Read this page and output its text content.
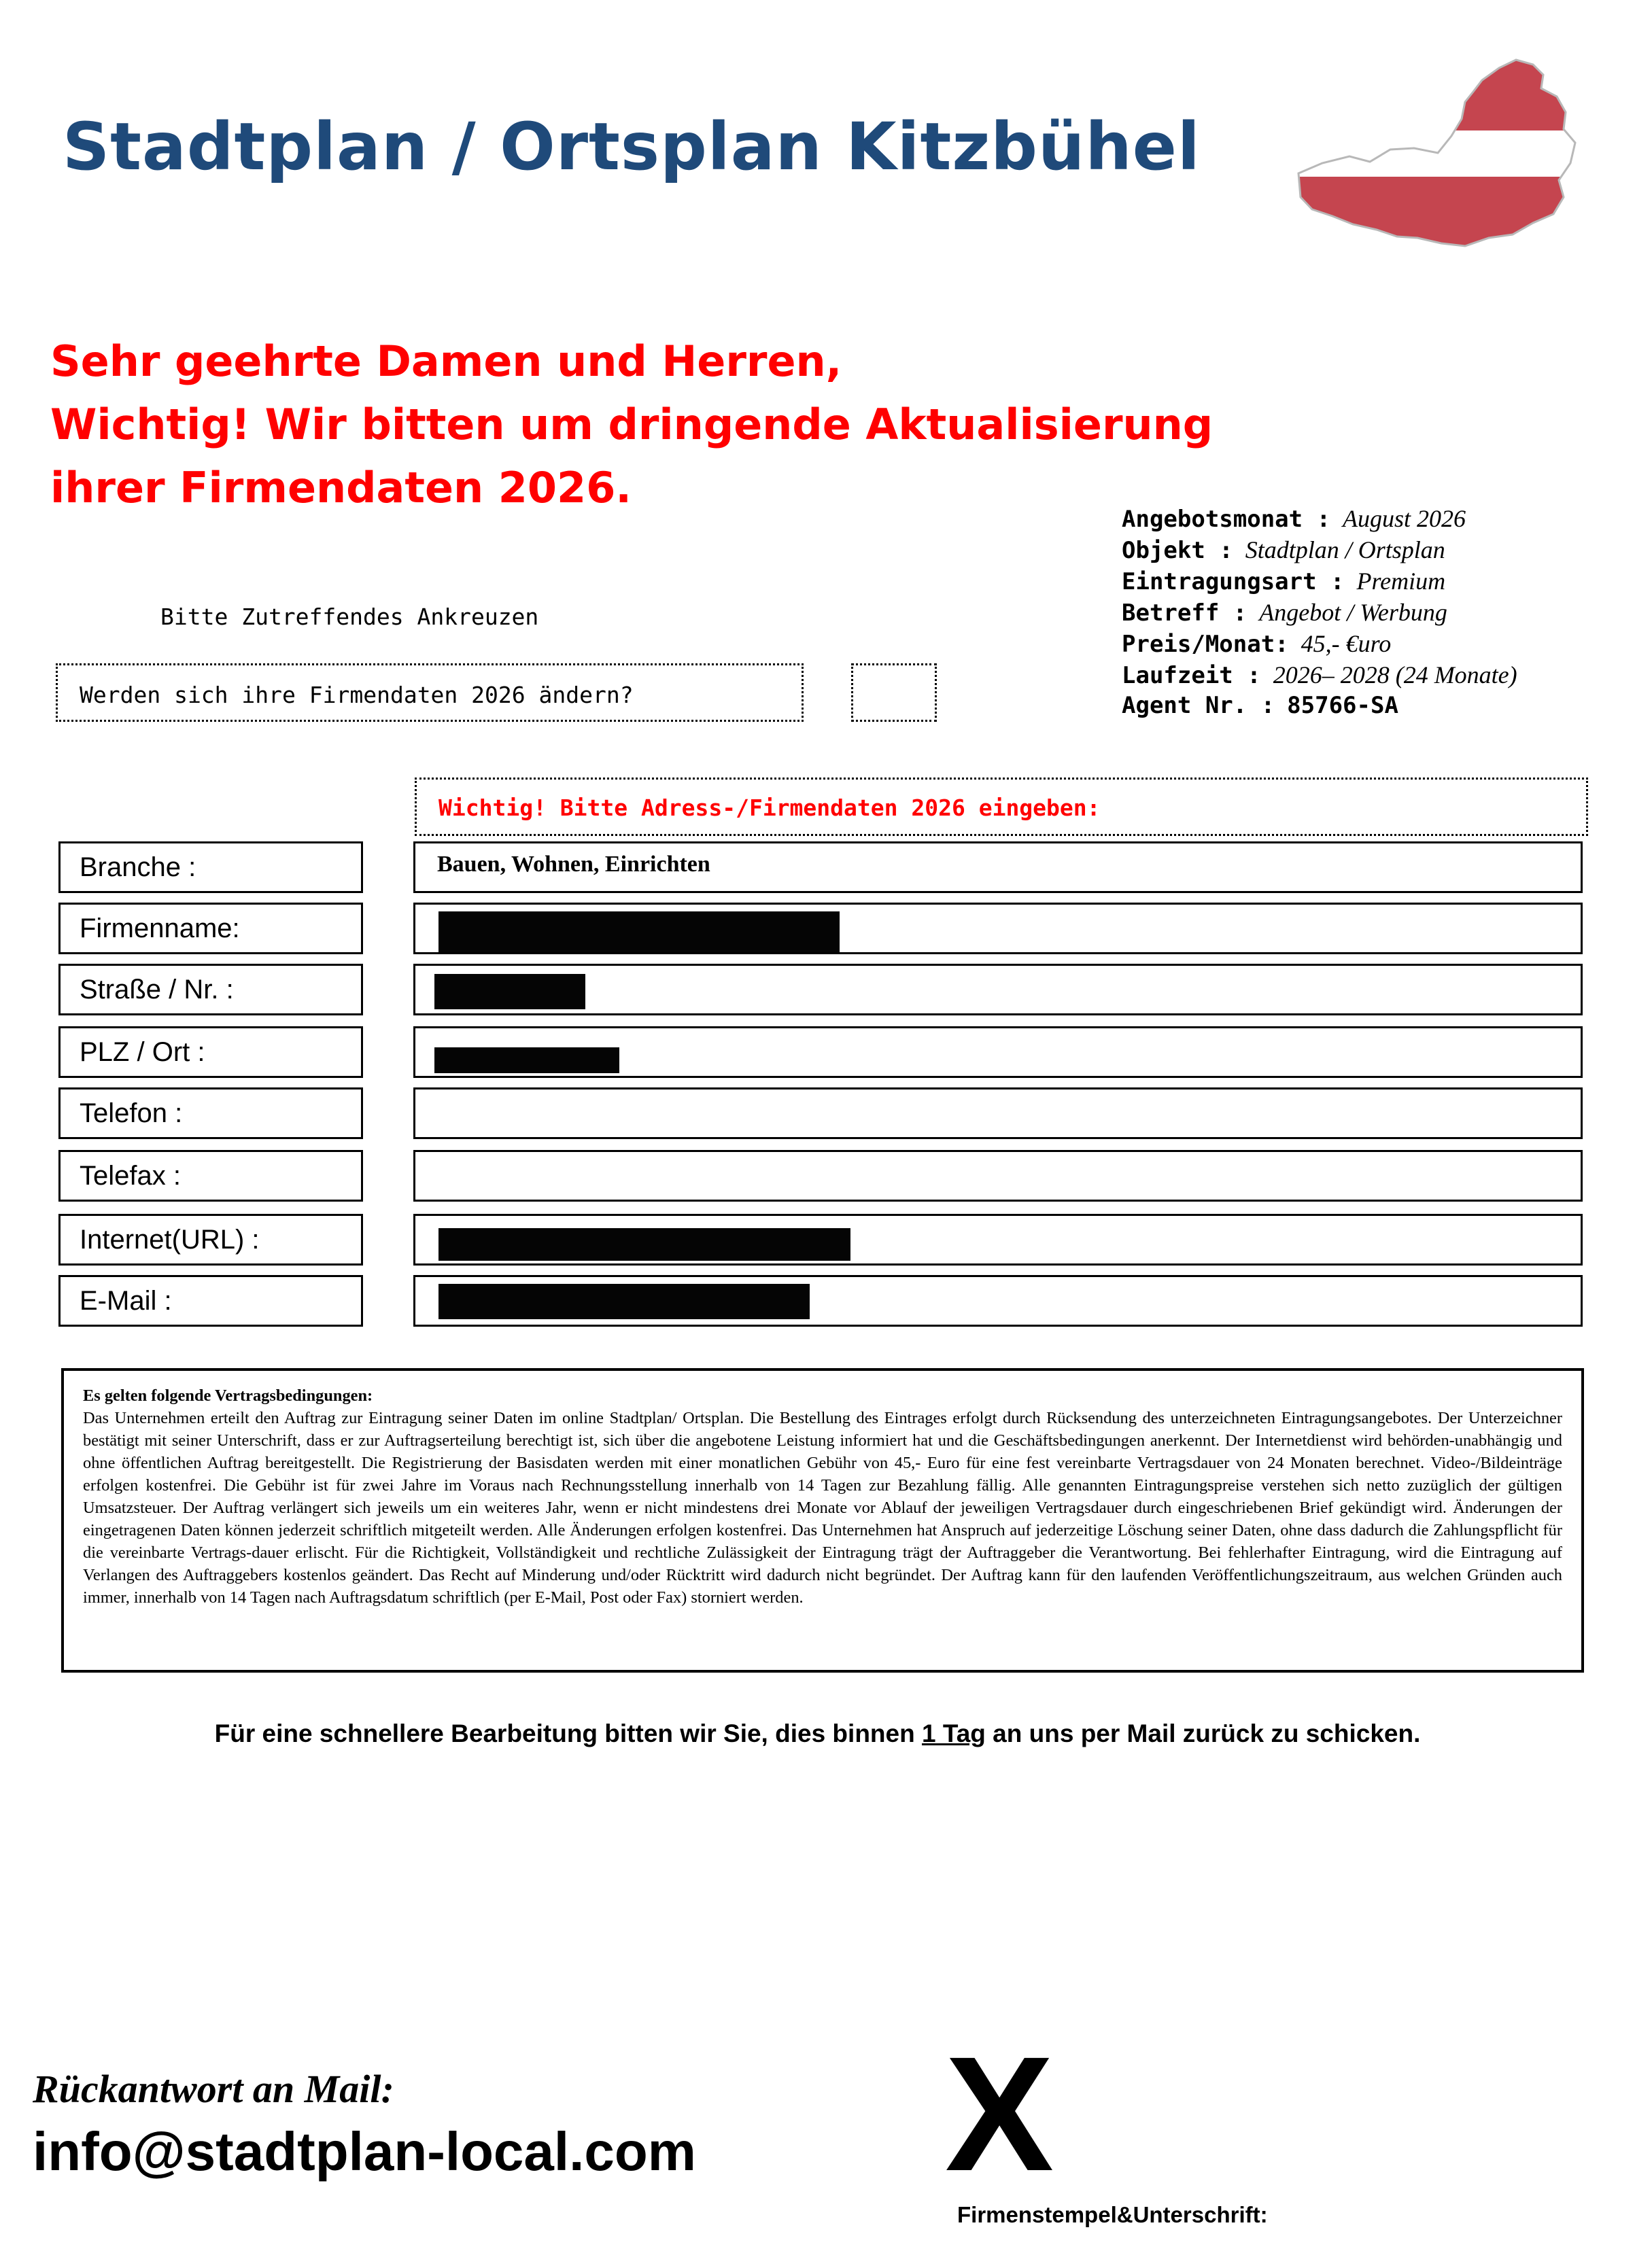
Stadtplan / Ortsplan Kitzbühel
Sehr geehrte Damen und Herren,
Wichtig! Wir bitten um dringende Aktualisierung
ihrer Firmendaten 2026.
Angebotsmonat : August 2026
Objekt : Stadtplan / Ortsplan
Eintragungsart : Premium
Betreff : Angebot / Werbung
Preis/Monat: 45,- €uro
Laufzeit : 2026– 2028 (24 Monate)
Agent Nr. : 85766-SA
Bitte Zutreffendes Ankreuzen
Werden sich ihre Firmendaten 2026 ändern?
Wichtig! Bitte Adress-/Firmendaten 2026 eingeben:
Branche :	Bauen, Wohnen, Einrichten
Firmenname:
Straße / Nr. :
PLZ / Ort :
Telefon :
Telefax :
Internet(URL) :
E-Mail :
Es gelten folgende Vertragsbedingungen:
Das Unternehmen erteilt den Auftrag zur Eintragung seiner Daten im online Stadtplan/ Ortsplan. Die Bestellung des Eintrages erfolgt durch Rücksendung des unterzeichneten Eintragungsangebotes. Der Unterzeichner bestätigt mit seiner Unterschrift, dass er zur Auftragserteilung berechtigt ist, sich über die angebotene Leistung informiert hat und die Geschäftsbedingungen anerkennt. Der Internetdienst wird behörden-unabhängig und ohne öffentlichen Auftrag bereitgestellt. Die Registrierung der Basisdaten werden mit einer monatlichen Gebühr von 45,- Euro für eine fest vereinbarte Vertragsdauer von 24 Monaten berechnet. Video-/Bildeinträge erfolgen kostenfrei. Die Gebühr ist für zwei Jahre im Voraus nach Rechnungsstellung innerhalb von 14 Tagen zur Bezahlung fällig. Alle genannten Eintragungspreise verstehen sich netto zuzüglich der gültigen Umsatzsteuer. Der Auftrag verlängert sich jeweils um ein weiteres Jahr, wenn er nicht mindestens drei Monate vor Ablauf der jeweiligen Vertragsdauer durch eingeschriebenen Brief gekündigt wird. Änderungen der eingetragenen Daten können jederzeit schriftlich mitgeteilt werden. Alle Änderungen erfolgen kostenfrei. Das Unternehmen hat Anspruch auf jederzeitige Löschung seiner Daten, ohne dass dadurch die Zahlungspflicht für die vereinbarte Vertrags-dauer erlischt. Für die Richtigkeit, Vollständigkeit und rechtliche Zulässigkeit der Eintragung trägt der Auftraggeber die Verantwortung. Bei fehlerhafter Eintragung, wird die Eintragung auf Verlangen des Auftraggebers kostenlos geändert. Das Recht auf Minderung und/oder Rücktritt wird dadurch nicht begründet. Der Auftrag kann für den laufenden Veröffentlichungszeitraum, aus welchen Gründen auch immer, innerhalb von 14 Tagen nach Auftragsdatum schriftlich (per E-Mail, Post oder Fax) storniert werden.
Für eine schnellere Bearbeitung bitten wir Sie, dies binnen 1 Tag an uns per Mail zurück zu schicken.
Rückantwort an Mail:
info@stadtplan-local.com X
Firmenstempel&Unterschrift:
